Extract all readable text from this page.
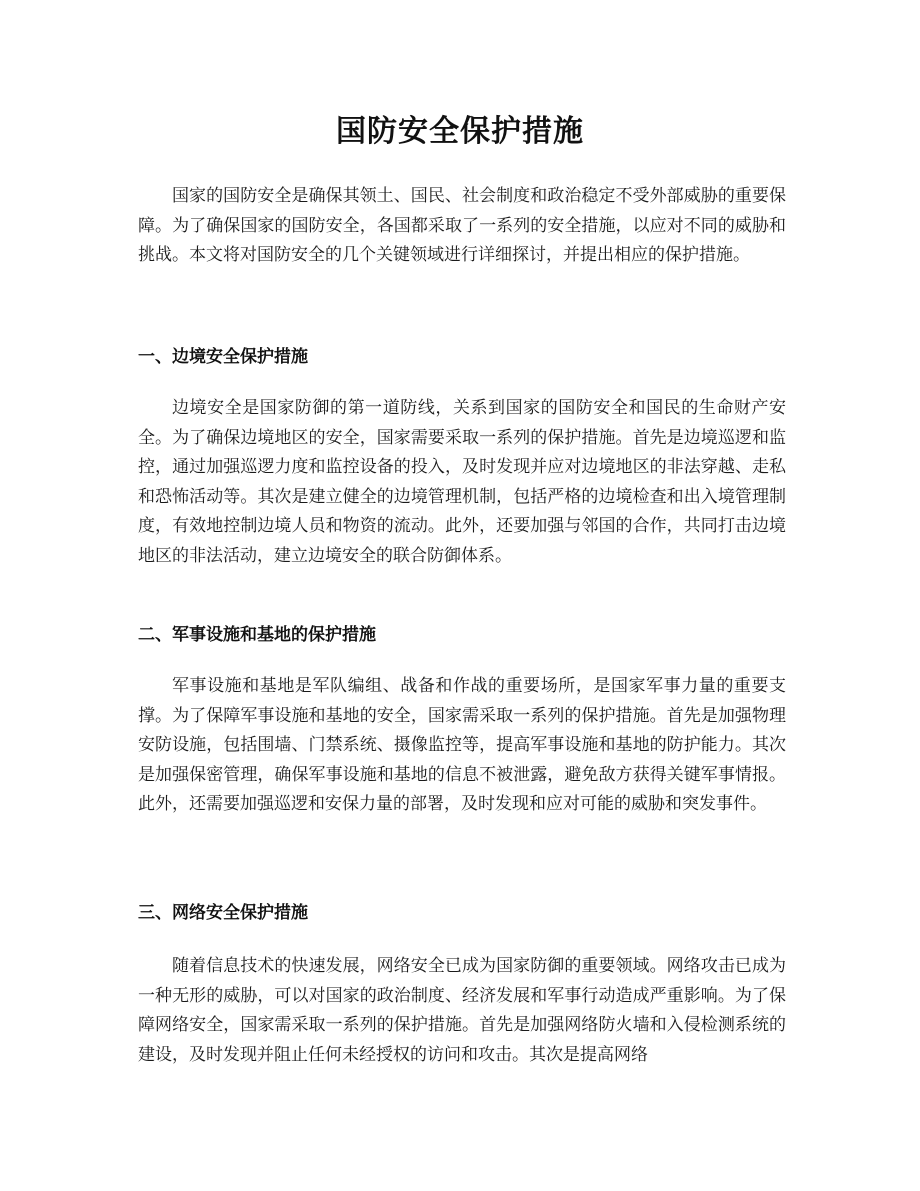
国防安全保护措施

国家的国防安全是确保其领土、国民、社会制度和政治稳定不受外部威胁的重要保障。为了确保国家的国防安全，各国都采取了一系列的安全措施，以应对不同的威胁和挑战。本文将对国防安全的几个关键领域进行详细探讨，并提出相应的保护措施。

一、边境安全保护措施

边境安全是国家防御的第一道防线，关系到国家的国防安全和国民的生命财产安全。为了确保边境地区的安全，国家需要采取一系列的保护措施。首先是边境巡逻和监控，通过加强巡逻力度和监控设备的投入，及时发现并应对边境地区的非法穿越、走私和恐怖活动等。其次是建立健全的边境管理机制，包括严格的边境检查和出入境管理制度，有效地控制边境人员和物资的流动。此外，还要加强与邻国的合作，共同打击边境地区的非法活动，建立边境安全的联合防御体系。

二、军事设施和基地的保护措施

军事设施和基地是军队编组、战备和作战的重要场所，是国家军事力量的重要支撑。为了保障军事设施和基地的安全，国家需采取一系列的保护措施。首先是加强物理安防设施，包括围墙、门禁系统、摄像监控等，提高军事设施和基地的防护能力。其次是加强保密管理，确保军事设施和基地的信息不被泄露，避免敌方获得关键军事情报。此外，还需要加强巡逻和安保力量的部署，及时发现和应对可能的威胁和突发事件。

三、网络安全保护措施

随着信息技术的快速发展，网络安全已成为国家防御的重要领域。网络攻击已成为一种无形的威胁，可以对国家的政治制度、经济发展和军事行动造成严重影响。为了保障网络安全，国家需采取一系列的保护措施。首先是加强网络防火墙和入侵检测系统的建设，及时发现并阻止任何未经授权的访问和攻击。其次是提高网络
